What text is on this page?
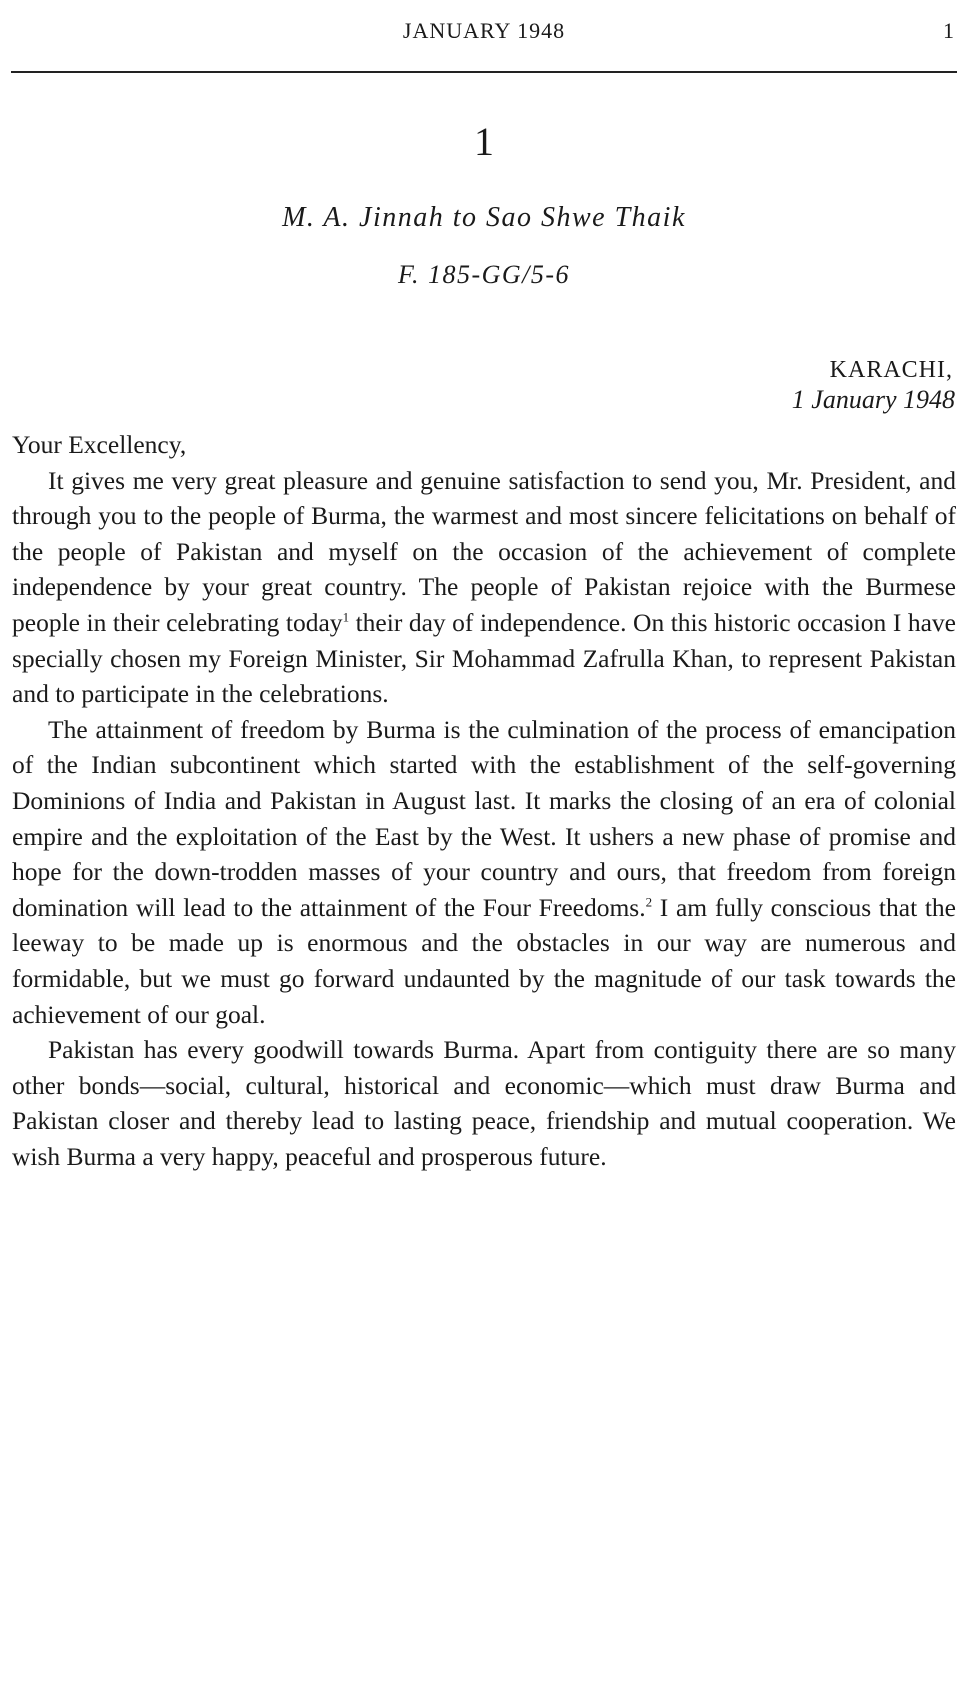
JANUARY 1948	1
1
M. A. Jinnah to Sao Shwe Thaik
F. 185-GG/5-6
KARACHI,
1 January 1948

Your Excellency,

It gives me very great pleasure and genuine satisfaction to send you, Mr. President, and through you to the people of Burma, the warmest and most sincere felicitations on behalf of the people of Pakistan and myself on the occasion of the achievement of complete independence by your great country. The people of Pakistan rejoice with the Burmese people in their celebrating today$^1$ their day of independence. On this historic occasion I have specially chosen my Foreign Minister, Sir Mohammad Zafrulla Khan, to represent Pakistan and to participate in the celebrations.

The attainment of freedom by Burma is the culmination of the process of emancipation of the Indian subcontinent which started with the establishment of the self-governing Dominions of India and Pakistan in August last. It marks the closing of an era of colonial empire and the exploitation of the East by the West. It ushers a new phase of promise and hope for the down-trodden masses of your country and ours, that freedom from foreign domination will lead to the attainment of the Four Freedoms.$^2$ I am fully conscious that the leeway to be made up is enormous and the obstacles in our way are numerous and formidable, but we must go forward undaunted by the magnitude of our task towards the achievement of our goal.

Pakistan has every goodwill towards Burma. Apart from contiguity there are so many other bonds—social, cultural, historical and economic—which must draw Burma and Pakistan closer and thereby lead to lasting peace, friendship and mutual cooperation. We wish Burma a very happy, peaceful and prosperous future.
